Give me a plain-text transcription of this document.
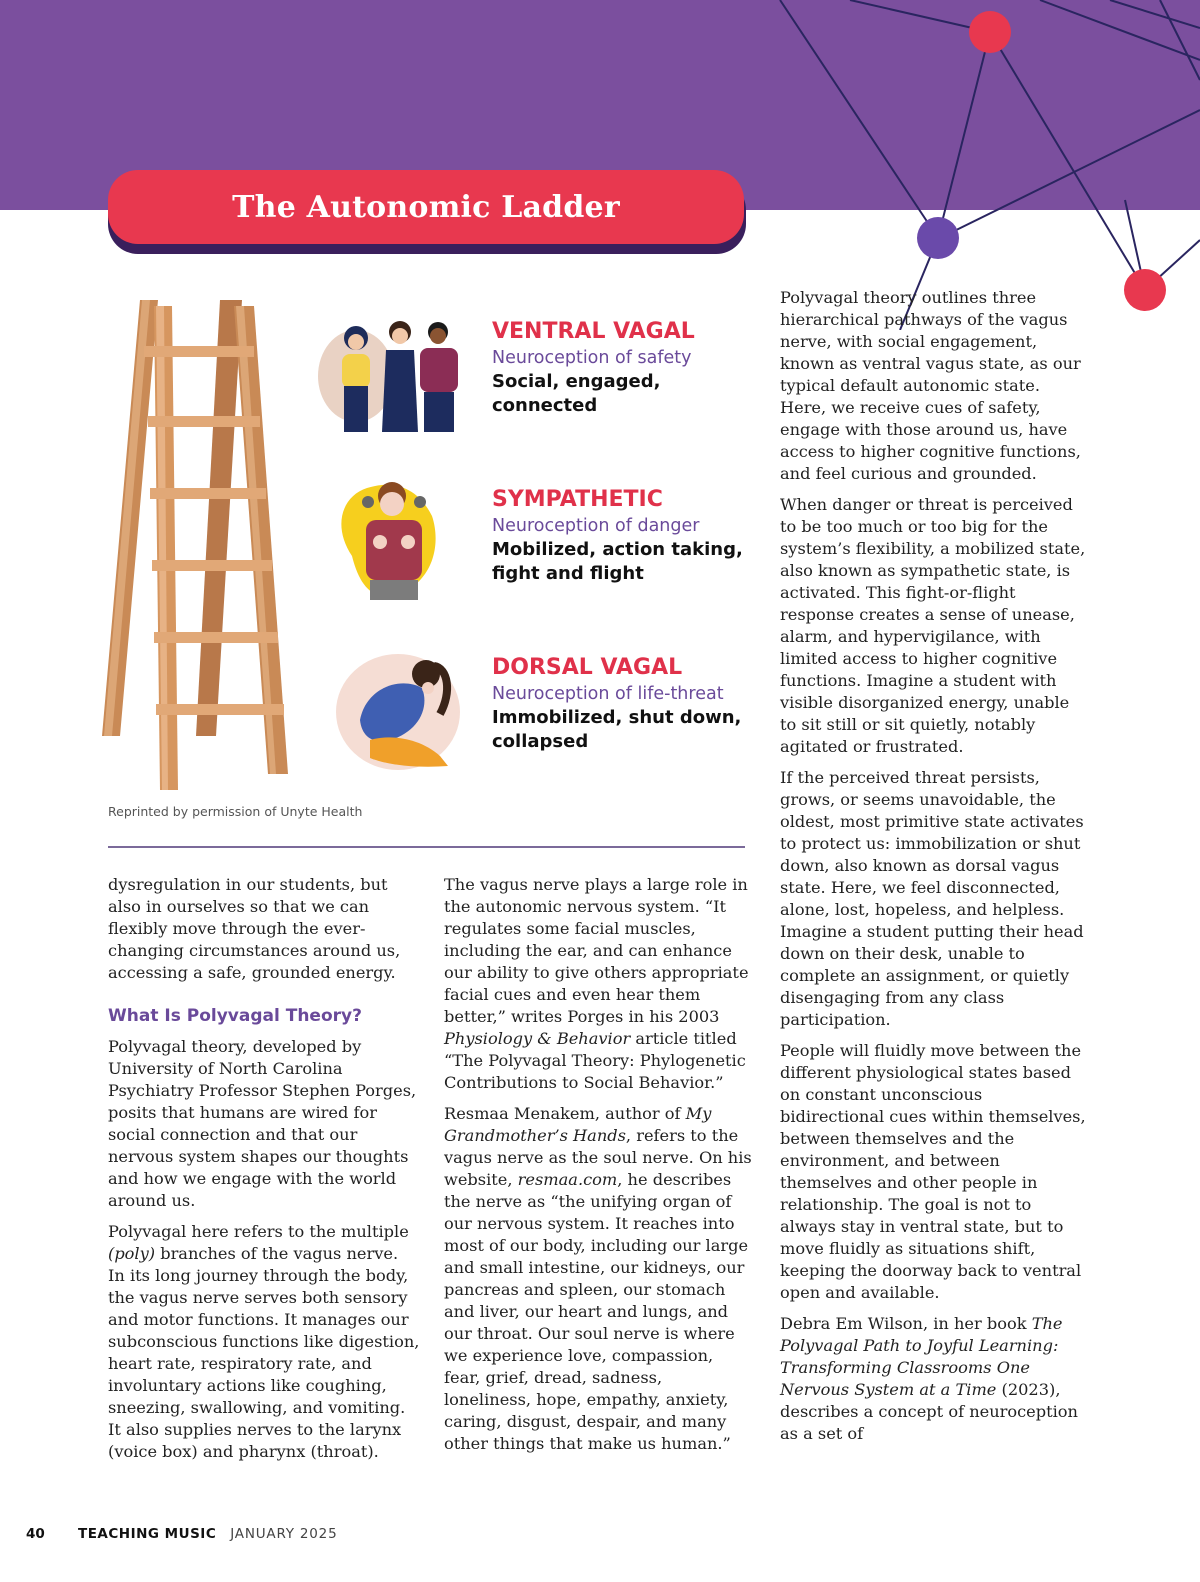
The Autonomic Ladder
VENTRAL VAGAL
Neuroception of safety
Social, engaged,
connected
SYMPATHETIC
Neuroception of danger
Mobilized, action taking,
fight and flight
DORSAL VAGAL
Neuroception of life-threat
Immobilized, shut down,
collapsed
Reprinted by permission of Unyte Health

dysregulation in our students, but also in ourselves so that we can flexibly move through the ever-changing circumstances around us, accessing a safe, grounded energy.

What Is Polyvagal Theory?

Polyvagal theory, developed by University of North Carolina Psychiatry Professor Stephen Porges, posits that humans are wired for social connection and that our nervous system shapes our thoughts and how we engage with the world around us.

Polyvagal here refers to the multiple (poly) branches of the vagus nerve. In its long journey through the body, the vagus nerve serves both sensory and motor functions. It manages our subconscious functions like digestion, heart rate, respiratory rate, and involuntary actions like coughing, sneezing, swallowing, and vomiting. It also supplies nerves to the larynx (voice box) and pharynx (throat).

The vagus nerve plays a large role in the autonomic nervous system. “It regulates some facial muscles, including the ear, and can enhance our ability to give others appropriate facial cues and even hear them better,” writes Porges in his 2003 Physiology & Behavior article titled “The Polyvagal Theory: Phylogenetic Contributions to Social Behavior.”

Resmaa Menakem, author of My Grandmother’s Hands, refers to the vagus nerve as the soul nerve. On his website, resmaa.com, he describes the nerve as “the unifying organ of our nervous system. It reaches into most of our body, including our large and small intestine, our kidneys, our pancreas and spleen, our stomach and liver, our heart and lungs, and our throat. Our soul nerve is where we experience love, compassion, fear, grief, dread, sadness, loneliness, hope, empathy, anxiety, caring, disgust, despair, and many other things that make us human.”

Polyvagal theory outlines three hierarchical pathways of the vagus nerve, with social engagement, known as ventral vagus state, as our typical default autonomic state. Here, we receive cues of safety, engage with those around us, have access to higher cognitive functions, and feel curious and grounded.

When danger or threat is perceived to be too much or too big for the system’s flexibility, a mobilized state, also known as sympathetic state, is activated. This fight-or-flight response creates a sense of unease, alarm, and hypervigilance, with limited access to higher cognitive functions. Imagine a student with visible disorganized energy, unable to sit still or sit quietly, notably agitated or frustrated.

If the perceived threat persists, grows, or seems unavoidable, the oldest, most primitive state activates to protect us: immobilization or shut down, also known as dorsal vagus state. Here, we feel disconnected, alone, lost, hopeless, and helpless. Imagine a student putting their head down on their desk, unable to complete an assignment, or quietly disengaging from any class participation.

People will fluidly move between the different physiological states based on constant unconscious bidirectional cues within themselves, between themselves and the environment, and between themselves and other people in relationship. The goal is not to always stay in ventral state, but to move fluidly as situations shift, keeping the doorway back to ventral open and available.

Debra Em Wilson, in her book The Polyvagal Path to Joyful Learning: Transforming Classrooms One Nervous System at a Time (2023), describes a concept of neuroception as a set of

40	TEACHING MUSIC JANUARY 2025
